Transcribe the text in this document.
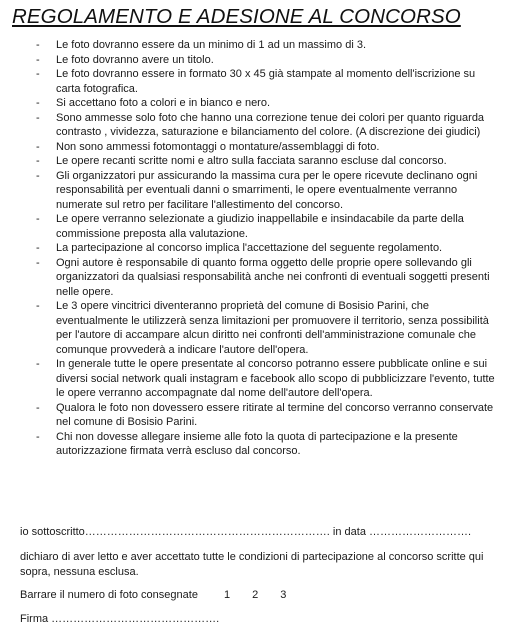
REGOLAMENTO E ADESIONE AL CONCORSO
- Le foto dovranno essere da un minimo di 1 ad un massimo di 3.
- Le foto dovranno avere un titolo.
- Le foto dovranno essere in formato 30 x 45 già stampate al momento dell'iscrizione su carta fotografica.
- Si accettano foto a colori e in bianco e nero.
- Sono ammesse solo foto che hanno una correzione tenue dei colori per quanto riguarda contrasto , vividezza, saturazione e bilanciamento del colore. (A discrezione dei giudici)
- Non sono ammessi fotomontaggi o montature/assemblaggi di foto.
- Le opere recanti scritte nomi e altro sulla facciata saranno escluse dal concorso.
- Gli organizzatori pur assicurando la massima cura per le opere ricevute declinano ogni responsabilità per eventuali danni o smarrimenti, le opere eventualmente verranno numerate sul retro per facilitare l'allestimento del concorso.
- Le opere verranno selezionate a giudizio inappellabile e insindacabile da parte della commissione preposta alla valutazione.
- La partecipazione al concorso implica l'accettazione del seguente regolamento.
- Ogni autore è responsabile di quanto forma oggetto delle proprie opere sollevando gli organizzatori da qualsiasi responsabilità anche nei confronti di eventuali soggetti presenti nelle opere.
- Le 3 opere vincitrici diventeranno proprietà del comune di Bosisio Parini, che eventualmente le utilizzerà senza limitazioni per promuovere il territorio, senza possibilità per l'autore di accampare alcun diritto nei confronti dell'amministrazione comunale che comunque provvederà a indicare l'autore dell'opera.
- In generale tutte le opere presentate al concorso potranno essere pubblicate online e sui diversi social network quali instagram e facebook allo scopo di pubblicizzare l'evento, tutte le opere verranno accompagnate dal nome dell'autore dell'opera.
- Qualora le foto non dovessero essere ritirate al termine del concorso verranno conservate nel comune di Bosisio Parini.
- Chi non dovesse allegare insieme alle foto la quota di partecipazione e la presente autorizzazione firmata verrà escluso dal concorso.
io sottoscritto…………………………………………………………. in data ……………………….
dichiaro di aver letto e aver accettato tutte le condizioni di partecipazione al concorso scritte qui sopra, nessuna esclusa.
Barrare il numero di foto consegnate 1 2 3
Firma ……………………………………….
